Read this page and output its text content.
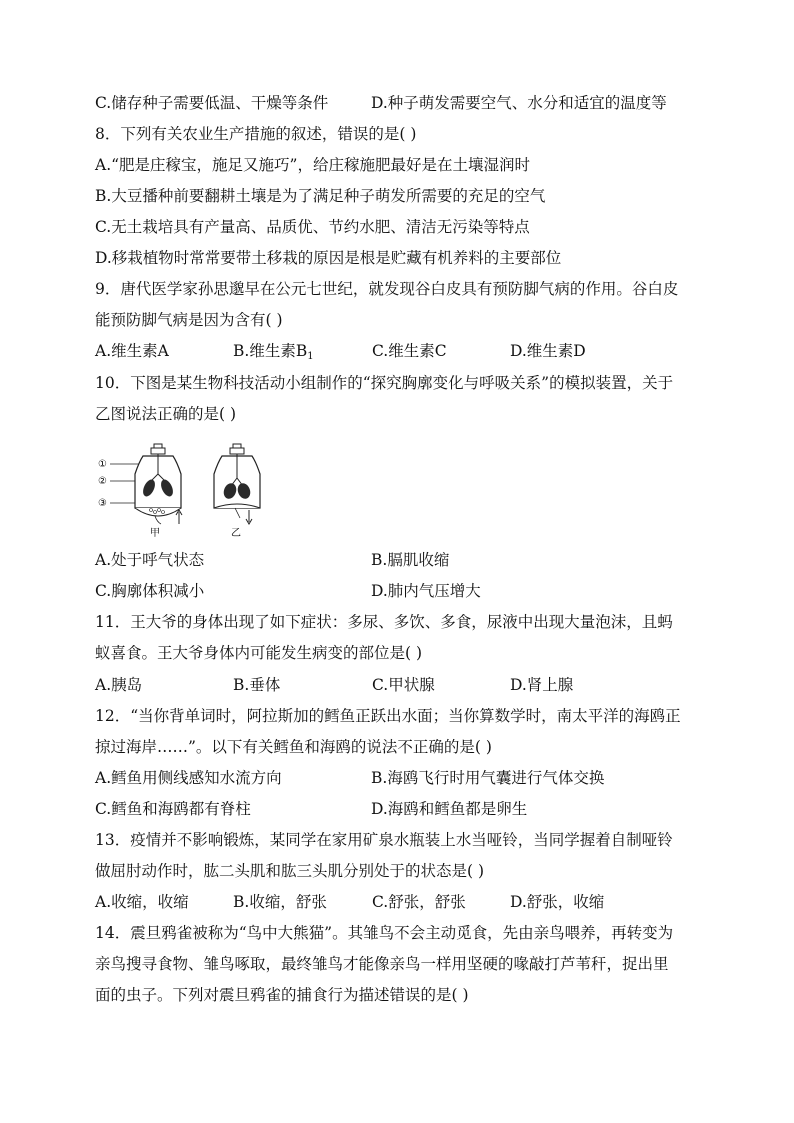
C.储存种子需要低温、干燥等条件	D.种子萌发需要空气、水分和适宜的温度等
8．下列有关农业生产措施的叙述，错误的是( )
A.“肥是庄稼宝，施足又施巧”，给庄稼施肥最好是在土壤湿润时
B.大豆播种前要翻耕土壤是为了满足种子萌发所需要的充足的空气
C.无土栽培具有产量高、品质优、节约水肥、清洁无污染等特点
D.移栽植物时常常要带土移栽的原因是根是贮藏有机养料的主要部位
9．唐代医学家孙思邈早在公元七世纪，就发现谷白皮具有预防脚气病的作用。谷白皮
能预防脚气病是因为含有( )
A.维生素A	B.维生素$B_1$	C.维生素C	D.维生素D
10．下图是某生物科技活动小组制作的“探究胸廓变化与呼吸关系”的模拟装置，关于
乙图说法正确的是( )
①
②
③
甲	乙
A.处于呼气状态	B.膈肌收缩
C.胸廓体积减小	D.肺内气压增大
11．王大爷的身体出现了如下症状：多尿、多饮、多食，尿液中出现大量泡沫，且蚂
蚁喜食。王大爷身体内可能发生病变的部位是( )
A.胰岛	B.垂体	C.甲状腺	D.肾上腺
12．“当你背单词时，阿拉斯加的鳕鱼正跃出水面；当你算数学时，南太平洋的海鸥正
掠过海岸……”。以下有关鳕鱼和海鸥的说法不正确的是( )
A.鳕鱼用侧线感知水流方向	B.海鸥飞行时用气囊进行气体交换
C.鳕鱼和海鸥都有脊柱	D.海鸥和鳕鱼都是卵生
13．疫情并不影响锻炼，某同学在家用矿泉水瓶装上水当哑铃，当同学握着自制哑铃
做屈肘动作时，肱二头肌和肱三头肌分别处于的状态是( )
A.收缩，收缩	B.收缩，舒张	C.舒张，舒张	D.舒张，收缩
14．震旦鸦雀被称为“鸟中大熊猫”。其雏鸟不会主动觅食，先由亲鸟喂养，再转变为
亲鸟搜寻食物、雏鸟啄取，最终雏鸟才能像亲鸟一样用坚硬的喙敲打芦苇秆，捉出里
面的虫子。下列对震旦鸦雀的捕食行为描述错误的是( )
